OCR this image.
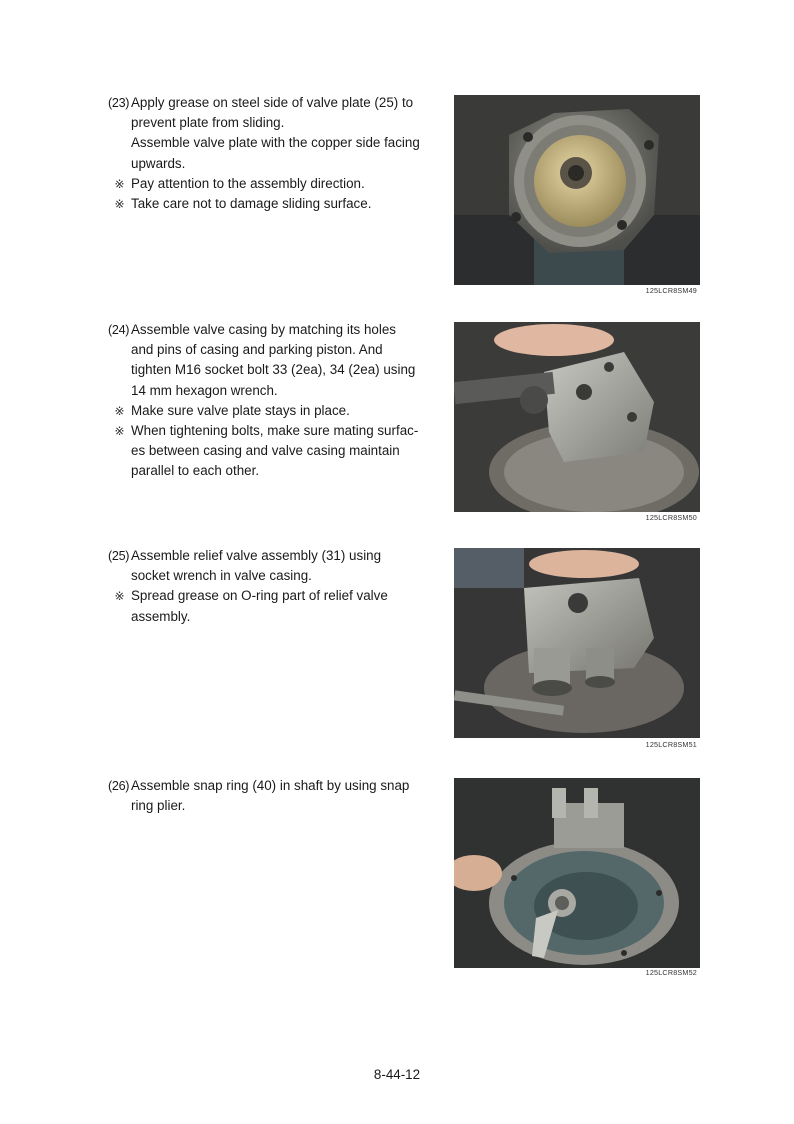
(23) Apply grease on steel side of valve plate (25) to
prevent plate from sliding.
Assemble valve plate with the copper side facing
upwards.
※ Pay attention to the assembly direction.
※ Take care not to damage sliding surface.
125LCR8SM49
(24) Assemble valve casing by matching its holes
and pins of casing and parking piston. And
tighten M16 socket bolt 33 (2ea), 34 (2ea) using
14 mm hexagon wrench.
※ Make sure valve plate stays in place.
※ When tightening bolts, make sure mating surfac-
es between casing and valve casing maintain
parallel to each other.
125LCR8SM50
(25) Assemble relief valve assembly (31) using
socket wrench in valve casing.
※ Spread grease on O-ring part of relief valve
assembly.
125LCR8SM51
(26) Assemble snap ring (40) in shaft by using snap
ring plier.
125LCR8SM52
8-44-12
